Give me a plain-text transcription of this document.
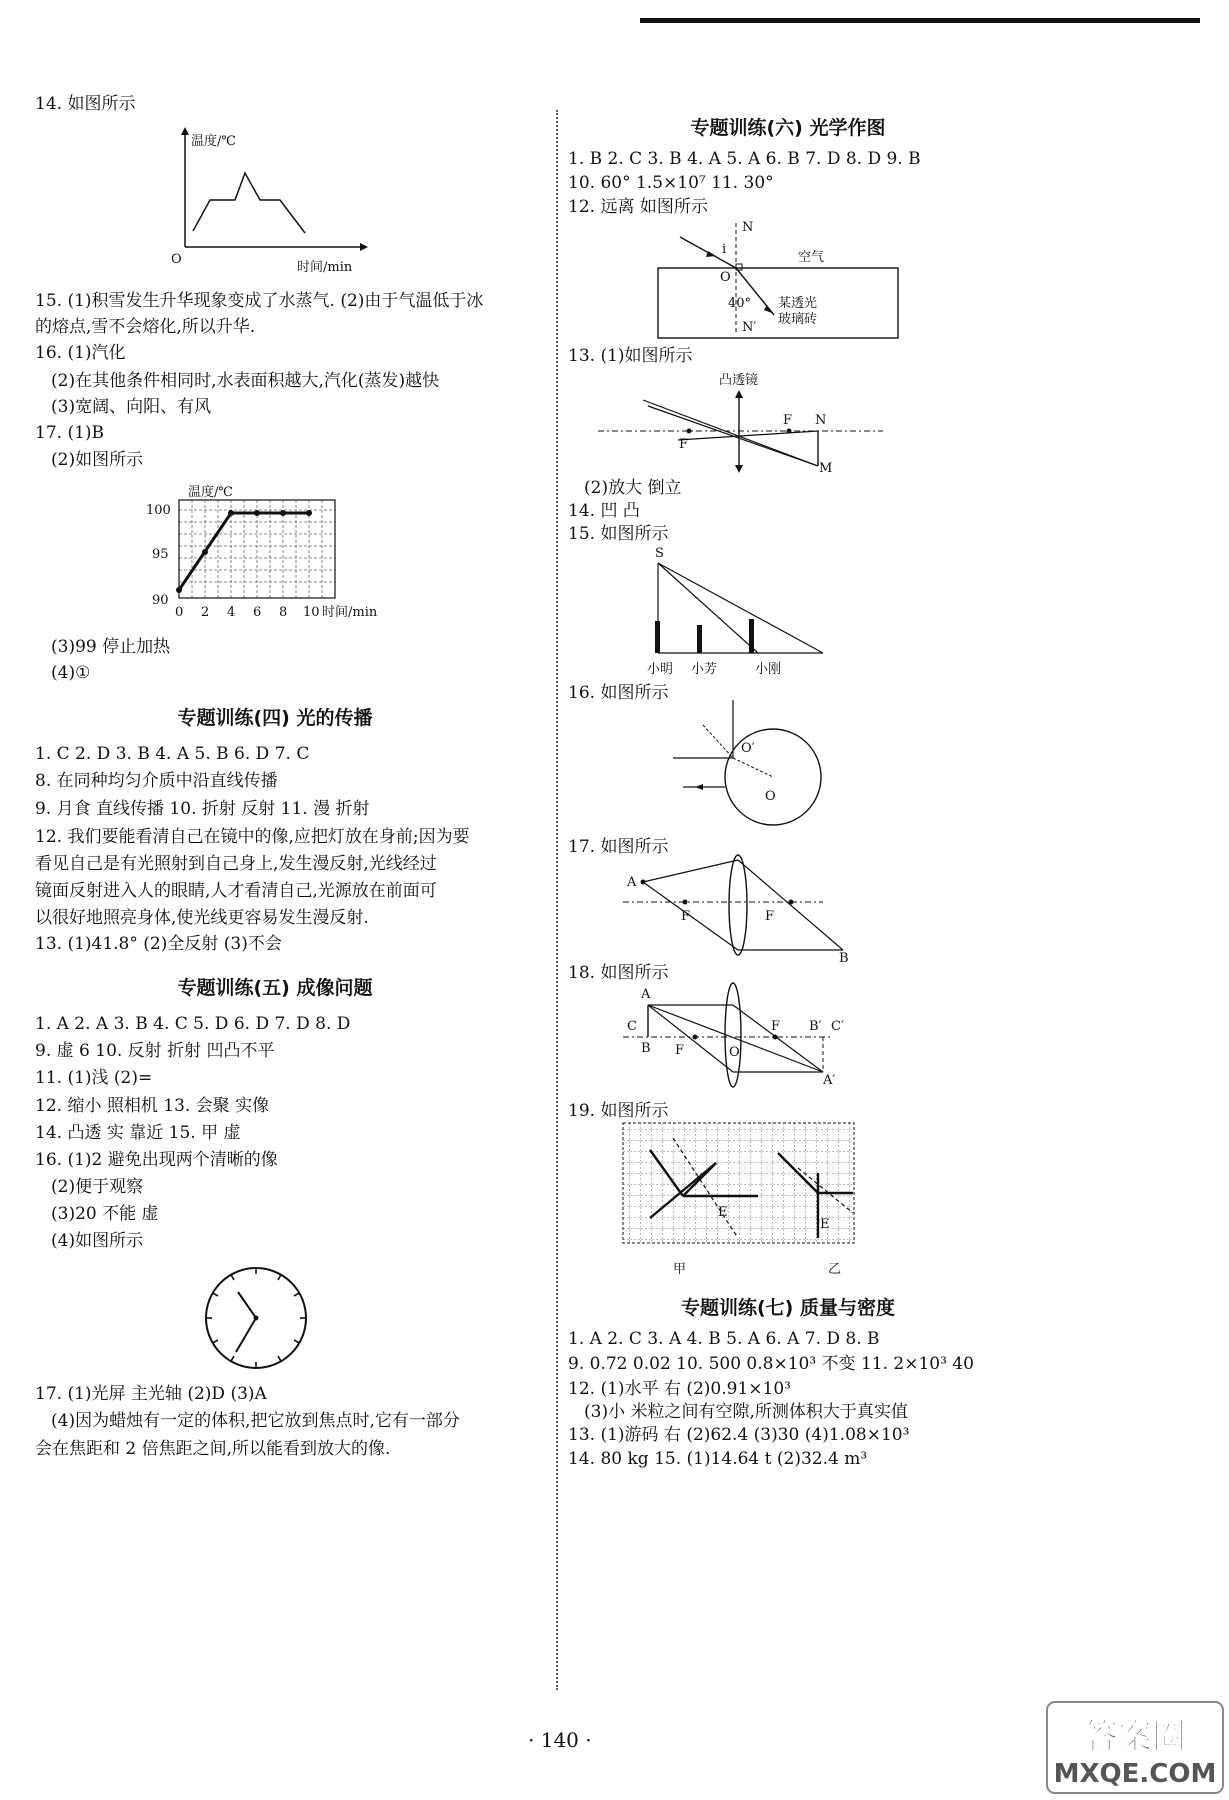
14. 如图所示
温度/℃
O
时间/min
15. (1)积雪发生升华现象变成了水蒸气. (2)由于气温低于冰
的熔点,雪不会熔化,所以升华.
16. (1)汽化
(2)在其他条件相同时,水表面积越大,汽化(蒸发)越快
(3)宽阔、向阳、有风
17. (1)B
(2)如图所示
温度/℃
90
95
100
0 2 4 6 8 10 时间/min
(3)99 停止加热
(4)①
专题训练(四) 光的传播
1. C 2. D 3. B 4. A 5. B 6. D 7. C
8. 在同种均匀介质中沿直线传播
9. 月食 直线传播 10. 折射 反射 11. 漫 折射
12. 我们要能看清自己在镜中的像,应把灯放在身前;因为要
看见自己是有光照射到自己身上,发生漫反射,光线经过
镜面反射进入人的眼睛,人才看清自己,光源放在前面可
以很好地照亮身体,使光线更容易发生漫反射.
13. (1)41.8° (2)全反射 (3)不会
专题训练(五) 成像问题
1. A 2. A 3. B 4. C 5. D 6. D 7. D 8. D
9. 虚 6 10. 反射 折射 凹凸不平
11. (1)浅 (2)=
12. 缩小 照相机 13. 会聚 实像
14. 凸透 实 靠近 15. 甲 虚
16. (1)2 避免出现两个清晰的像
(2)便于观察
(3)20 不能 虚
(4)如图所示
17. (1)光屏 主光轴 (2)D (3)A
(4)因为蜡烛有一定的体积,把它放到焦点时,它有一部分
会在焦距和 2 倍焦距之间,所以能看到放大的像.
专题训练(六) 光学作图
1. B 2. C 3. B 4. A 5. A 6. B 7. D 8. D 9. B
10. 60° 1.5×10⁷ 11. 30°
12. 远离 如图所示
N
i
O
空气
40° 某透光
玻璃砖
N′
13. (1)如图所示
凸透镜
F
F N
M
(2)放大 倒立
14. 凹 凸
15. 如图所示
S
小明 小芳	小刚
16. 如图所示
O′
O
17. 如图所示
A
F	F
B
18. 如图所示
A
C
B F
F
O
B′ C′
A′
19. 如图所示
E
E
甲	乙
专题训练(七) 质量与密度
1. A 2. C 3. A 4. B 5. A 6. A 7. D 8. B
9. 0.72 0.02 10. 500 0.8×10³ 不变 11. 2×10³ 40
12. (1)水平 右 (2)0.91×10³
(3)小 米粒之间有空隙,所测体积大于真实值
13. (1)游码 右 (2)62.4 (3)30 (4)1.08×10³
14. 80 kg 15. (1)14.64 t (2)32.4 m³
· 140 ·	答案圈
MXQE.COM
